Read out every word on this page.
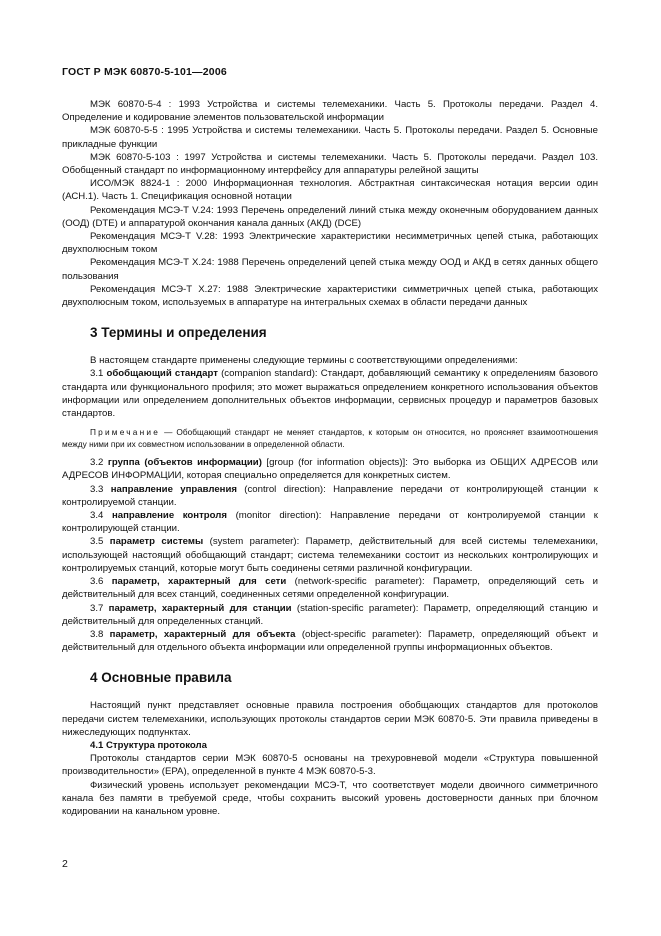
ГОСТ Р МЭК 60870-5-101—2006

МЭК 60870-5-4 : 1993 Устройства и системы телемеханики. Часть 5. Протоколы передачи. Раздел 4. Определение и кодирование элементов пользовательской информации

МЭК 60870-5-5 : 1995 Устройства и системы телемеханики. Часть 5. Протоколы передачи. Раздел 5. Основные прикладные функции

МЭК 60870-5-103 : 1997 Устройства и системы телемеханики. Часть 5. Протоколы передачи. Раздел 103. Обобщенный стандарт по информационному интерфейсу для аппаратуры релейной защиты

ИСО/МЭК 8824-1 : 2000 Информационная технология. Абстрактная синтаксическая нотация версии один (АСН.1). Часть 1. Спецификация основной нотации

Рекомендация МСЭ-Т V.24: 1993 Перечень определений линий стыка между оконечным оборудованием данных (ООД) (DTE) и аппаратурой окончания канала данных (АКД) (DCE)

Рекомендация МСЭ-Т V.28: 1993 Электрические характеристики несимметричных цепей стыка, работающих двухполюсным током

Рекомендация МСЭ-Т X.24: 1988 Перечень определений цепей стыка между ООД и АКД в сетях данных общего пользования

Рекомендация МСЭ-Т X.27: 1988 Электрические характеристики симметричных цепей стыка, работающих двухполюсным током, используемых в аппаратуре на интегральных схемах в области передачи данных

3 Термины и определения

В настоящем стандарте применены следующие термины с соответствующими определениями:

3.1 обобщающий стандарт (companion standard): Стандарт, добавляющий семантику к определениям базового стандарта или функционального профиля; это может выражаться определением конкретного использования объектов информации или определением дополнительных объектов информации, сервисных процедур и параметров базовых стандартов.

Примечание — Обобщающий стандарт не меняет стандартов, к которым он относится, но проясняет взаимоотношения между ними при их совместном использовании в определенной области.

3.2 группа (объектов информации) [group (for information objects)]: Это выборка из ОБЩИХ АДРЕСОВ или АДРЕСОВ ИНФОРМАЦИИ, которая специально определяется для конкретных систем.

3.3 направление управления (control direction): Направление передачи от контролирующей станции к контролируемой станции.

3.4 направление контроля (monitor direction): Направление передачи от контролируемой станции к контролирующей станции.

3.5 параметр системы (system parameter): Параметр, действительный для всей системы телемеханики, использующей настоящий обобщающий стандарт; система телемеханики состоит из нескольких контролирующих и контролируемых станций, которые могут быть соединены сетями различной конфигурации.

3.6 параметр, характерный для сети (network-specific parameter): Параметр, определяющий сеть и действительный для всех станций, соединенных сетями определенной конфигурации.

3.7 параметр, характерный для станции (station-specific parameter): Параметр, определяющий станцию и действительный для определенных станций.

3.8 параметр, характерный для объекта (object-specific parameter): Параметр, определяющий объект и действительный для отдельного объекта информации или определенной группы информационных объектов.

4 Основные правила

Настоящий пункт представляет основные правила построения обобщающих стандартов для протоколов передачи систем телемеханики, использующих протоколы стандартов серии МЭК 60870-5. Эти правила приведены в нижеследующих подпунктах.

4.1 Структура протокола

Протоколы стандартов серии МЭК 60870-5 основаны на трехуровневой модели «Структура повышенной производительности» (EPA), определенной в пункте 4 МЭК 60870-5-3.

Физический уровень использует рекомендации МСЭ-Т, что соответствует модели двоичного симметричного канала без памяти в требуемой среде, чтобы сохранить высокий уровень достоверности данных при блочном кодировании на канальном уровне.

2
